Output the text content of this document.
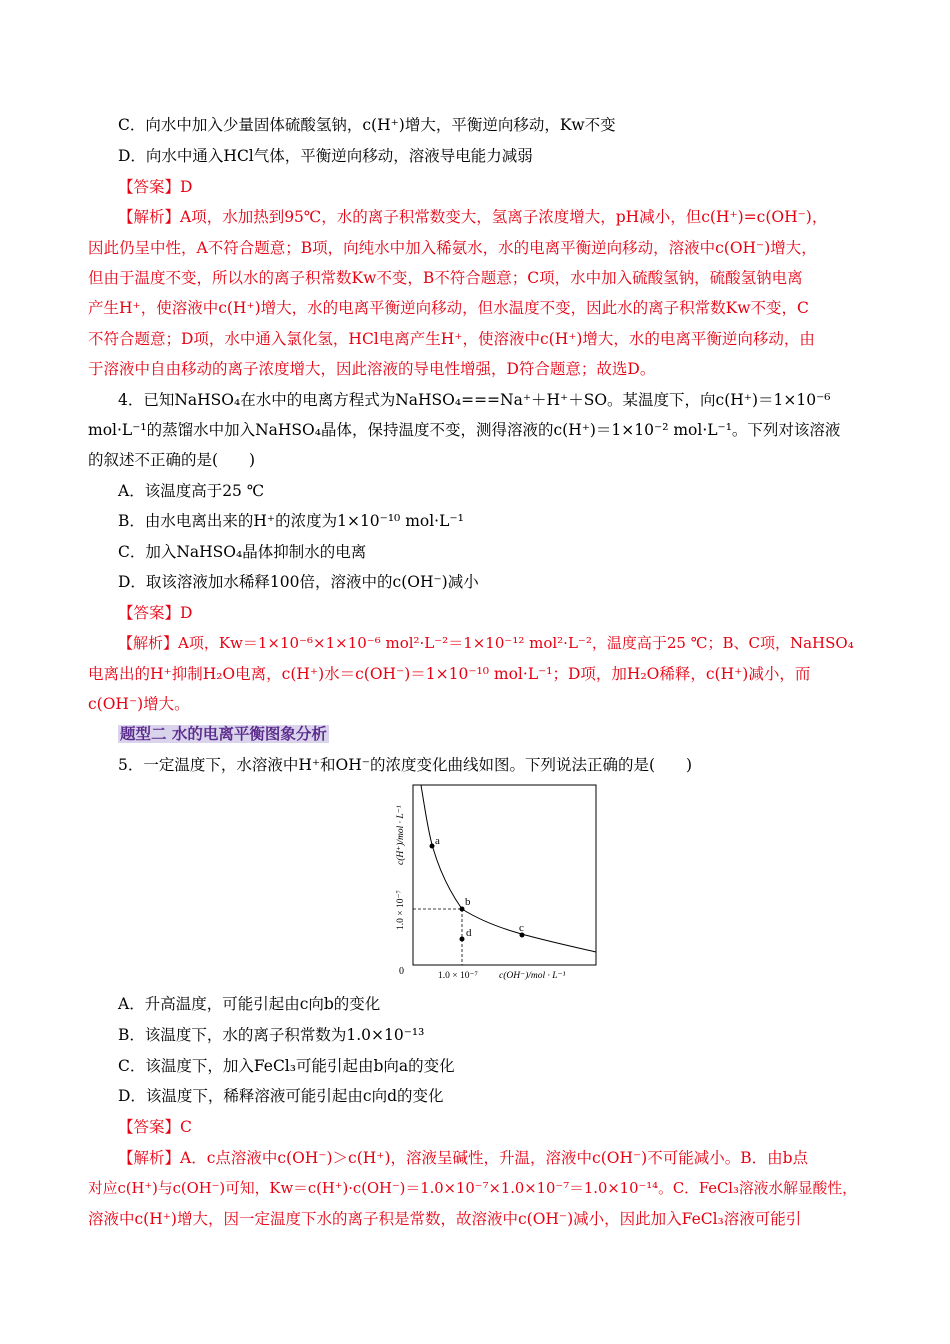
C．向水中加入少量固体硫酸氢钠，c(H⁺)增大，平衡逆向移动，Kw不变
D．向水中通入HCl气体，平衡逆向移动，溶液导电能力减弱
【答案】D
【解析】A项，水加热到95℃，水的离子积常数变大，氢离子浓度增大，pH减小，但c(H⁺)=c(OH⁻)，
因此仍呈中性，A不符合题意；B项，向纯水中加入稀氨水，水的电离平衡逆向移动，溶液中c(OH⁻)增大，
但由于温度不变，所以水的离子积常数Kw不变，B不符合题意；C项，水中加入硫酸氢钠，硫酸氢钠电离
产生H⁺，使溶液中c(H⁺)增大，水的电离平衡逆向移动，但水温度不变，因此水的离子积常数Kw不变，C
不符合题意；D项，水中通入氯化氢，HCl电离产生H⁺，使溶液中c(H⁺)增大，水的电离平衡逆向移动，由
于溶液中自由移动的离子浓度增大，因此溶液的导电性增强，D符合题意；故选D。
4．已知NaHSO₄在水中的电离方程式为NaHSO₄===Na⁺＋H⁺＋SO。某温度下，向c(H⁺)＝1×10⁻⁶
mol·L⁻¹的蒸馏水中加入NaHSO₄晶体，保持温度不变，测得溶液的c(H⁺)＝1×10⁻² mol·L⁻¹。下列对该溶液
的叙述不正确的是(　　)
A．该温度高于25 ℃
B．由水电离出来的H⁺的浓度为1×10⁻¹⁰ mol·L⁻¹
C．加入NaHSO₄晶体抑制水的电离
D．取该溶液加水稀释100倍，溶液中的c(OH⁻)减小
【答案】D
【解析】A项，Kw＝1×10⁻⁶×1×10⁻⁶ mol²·L⁻²＝1×10⁻¹² mol²·L⁻²，温度高于25 ℃；B、C项，NaHSO₄
电离出的H⁺抑制H₂O电离，c(H⁺)水＝c(OH⁻)＝1×10⁻¹⁰ mol·L⁻¹；D项，加H₂O稀释，c(H⁺)减小，而
c(OH⁻)增大。
题型二 水的电离平衡图象分析
5．一定温度下，水溶液中H⁺和OH⁻的浓度变化曲线如图。下列说法正确的是(　　)
a
b
c
d
0	1.0 × 10⁻⁷ c(OH⁻)/mol · L⁻¹
1.0 × 10⁻⁷
c(H⁺)/mol · L⁻¹
A．升高温度，可能引起由c向b的变化
B．该温度下，水的离子积常数为1.0×10⁻¹³
C．该温度下，加入FeCl₃可能引起由b向a的变化
D．该温度下，稀释溶液可能引起由c向d的变化
【答案】C
【解析】A．c点溶液中c(OH⁻)＞c(H⁺)，溶液呈碱性，升温，溶液中c(OH⁻)不可能减小。B．由b点
对应c(H⁺)与c(OH⁻)可知，Kw＝c(H⁺)·c(OH⁻)＝1.0×10⁻⁷×1.0×10⁻⁷＝1.0×10⁻¹⁴。C．FeCl₃溶液水解显酸性，
溶液中c(H⁺)增大，因一定温度下水的离子积是常数，故溶液中c(OH⁻)减小，因此加入FeCl₃溶液可能引
